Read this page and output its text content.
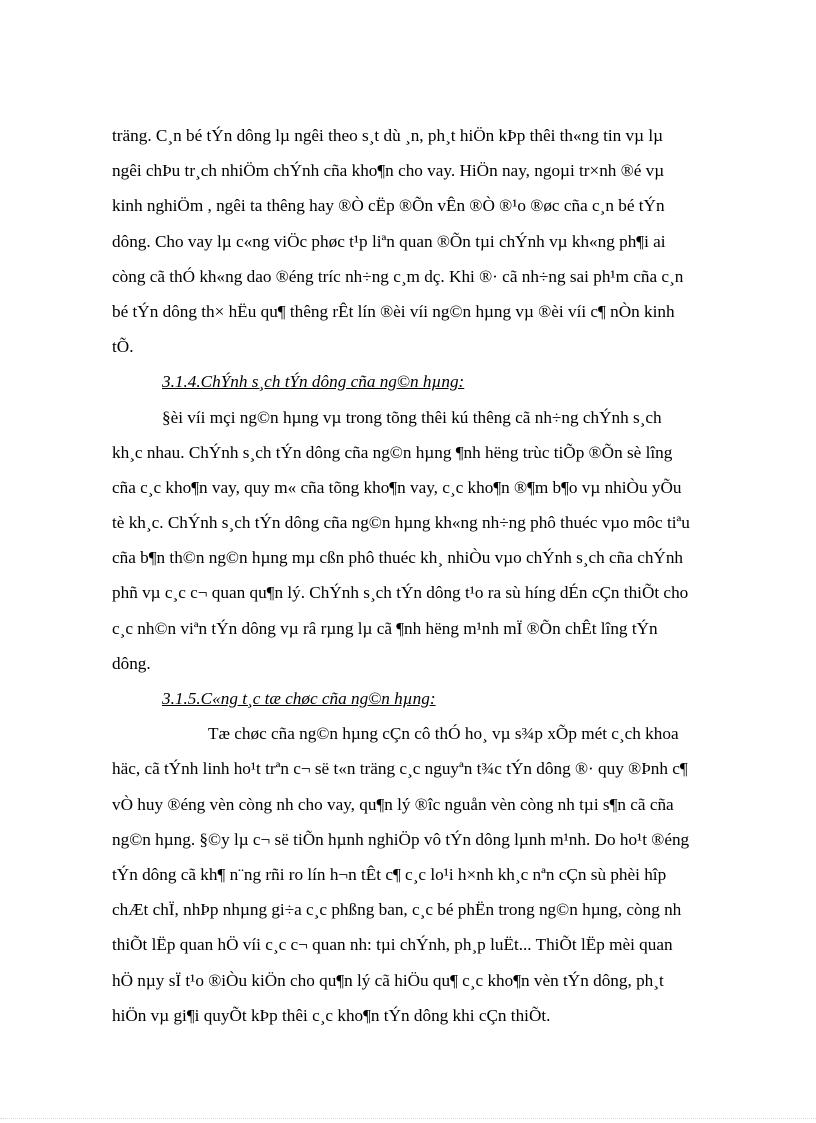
träng. C¸n bé tÝn dông lµ ngêi theo s¸t dù ¸n, ph¸t hiÖn kÞp thêi th«ng tin vµ lµ
ngêi chÞu tr¸ch nhiÖm chÝnh cña kho¶n cho vay. HiÖn nay, ngoµi tr×nh ®é vµ
kinh nghiÖm , ngêi ta thêng hay ®Ò cËp ®Õn vÊn ®Ò ®¹o ®øc cña c¸n bé tÝn
dông. Cho vay lµ c«ng viÖc phøc t¹p liªn quan ®Õn tµi chÝnh vµ kh«ng ph¶i ai
còng cã thÓ kh«ng dao ®éng tríc nh÷ng c¸m dç. Khi ®· cã nh÷ng sai ph¹m cña c¸n
bé tÝn dông th× hËu qu¶ thêng rÊt lín ®èi víi ng©n hµng vµ ®èi víi c¶ nÒn kinh
tÕ.
3.1.4.ChÝnh s¸ch tÝn dông cña ng©n hµng:
§èi víi mçi ng©n hµng vµ trong tõng thêi kú thêng cã nh÷ng chÝnh s¸ch
kh¸c nhau. ChÝnh s¸ch tÝn dông cña ng©n hµng ¶nh hëng trùc tiÕp ®Õn sè lîng
cña c¸c kho¶n vay, quy m« cña tõng kho¶n vay, c¸c kho¶n ®¶m b¶o vµ nhiÒu yÕu
tè kh¸c. ChÝnh s¸ch tÝn dông cña ng©n hµng kh«ng nh÷ng phô thuéc vµo môc tiªu
cña b¶n th©n ng©n hµng mµ cßn phô thuéc kh¸ nhiÒu vµo chÝnh s¸ch cña chÝnh
phñ vµ c¸c c¬ quan qu¶n lý. ChÝnh s¸ch tÝn dông t¹o ra sù híng dÉn cÇn thiÕt cho
c¸c nh©n viªn tÝn dông vµ râ rµng lµ cã ¶nh hëng m¹nh mÏ ®Õn chÊt lîng tÝn
dông.
3.1.5.C«ng t¸c tæ chøc cña ng©n hµng:
Tæ chøc cña ng©n hµng cÇn cô thÓ ho¸ vµ s¾p xÕp mét c¸ch khoa
häc, cã tÝnh linh ho¹t trªn c¬ së t«n träng c¸c nguyªn t¾c tÝn dông ®· quy ®Þnh c¶
vÒ huy ®éng vèn còng nh cho vay, qu¶n lý ®îc nguån vèn còng nh tµi s¶n cã cña
ng©n hµng. §©y lµ c¬ së tiÕn hµnh nghiÖp vô tÝn dông lµnh m¹nh. Do ho¹t ®éng
tÝn dông cã kh¶ n¨ng rñi ro lín h¬n tÊt c¶ c¸c lo¹i h×nh kh¸c nªn cÇn sù phèi hîp
chÆt chÏ, nhÞp nhµng gi÷a c¸c phßng ban, c¸c bé phËn trong ng©n hµng, còng nh
thiÕt lËp quan hÖ víi c¸c c¬ quan nh: tµi chÝnh, ph¸p luËt... ThiÕt lËp mèi quan
hÖ nµy sÏ t¹o ®iÒu kiÖn cho qu¶n lý cã hiÖu qu¶ c¸c kho¶n vèn tÝn dông, ph¸t
hiÖn vµ gi¶i quyÕt kÞp thêi c¸c kho¶n tÝn dông khi cÇn thiÕt.
